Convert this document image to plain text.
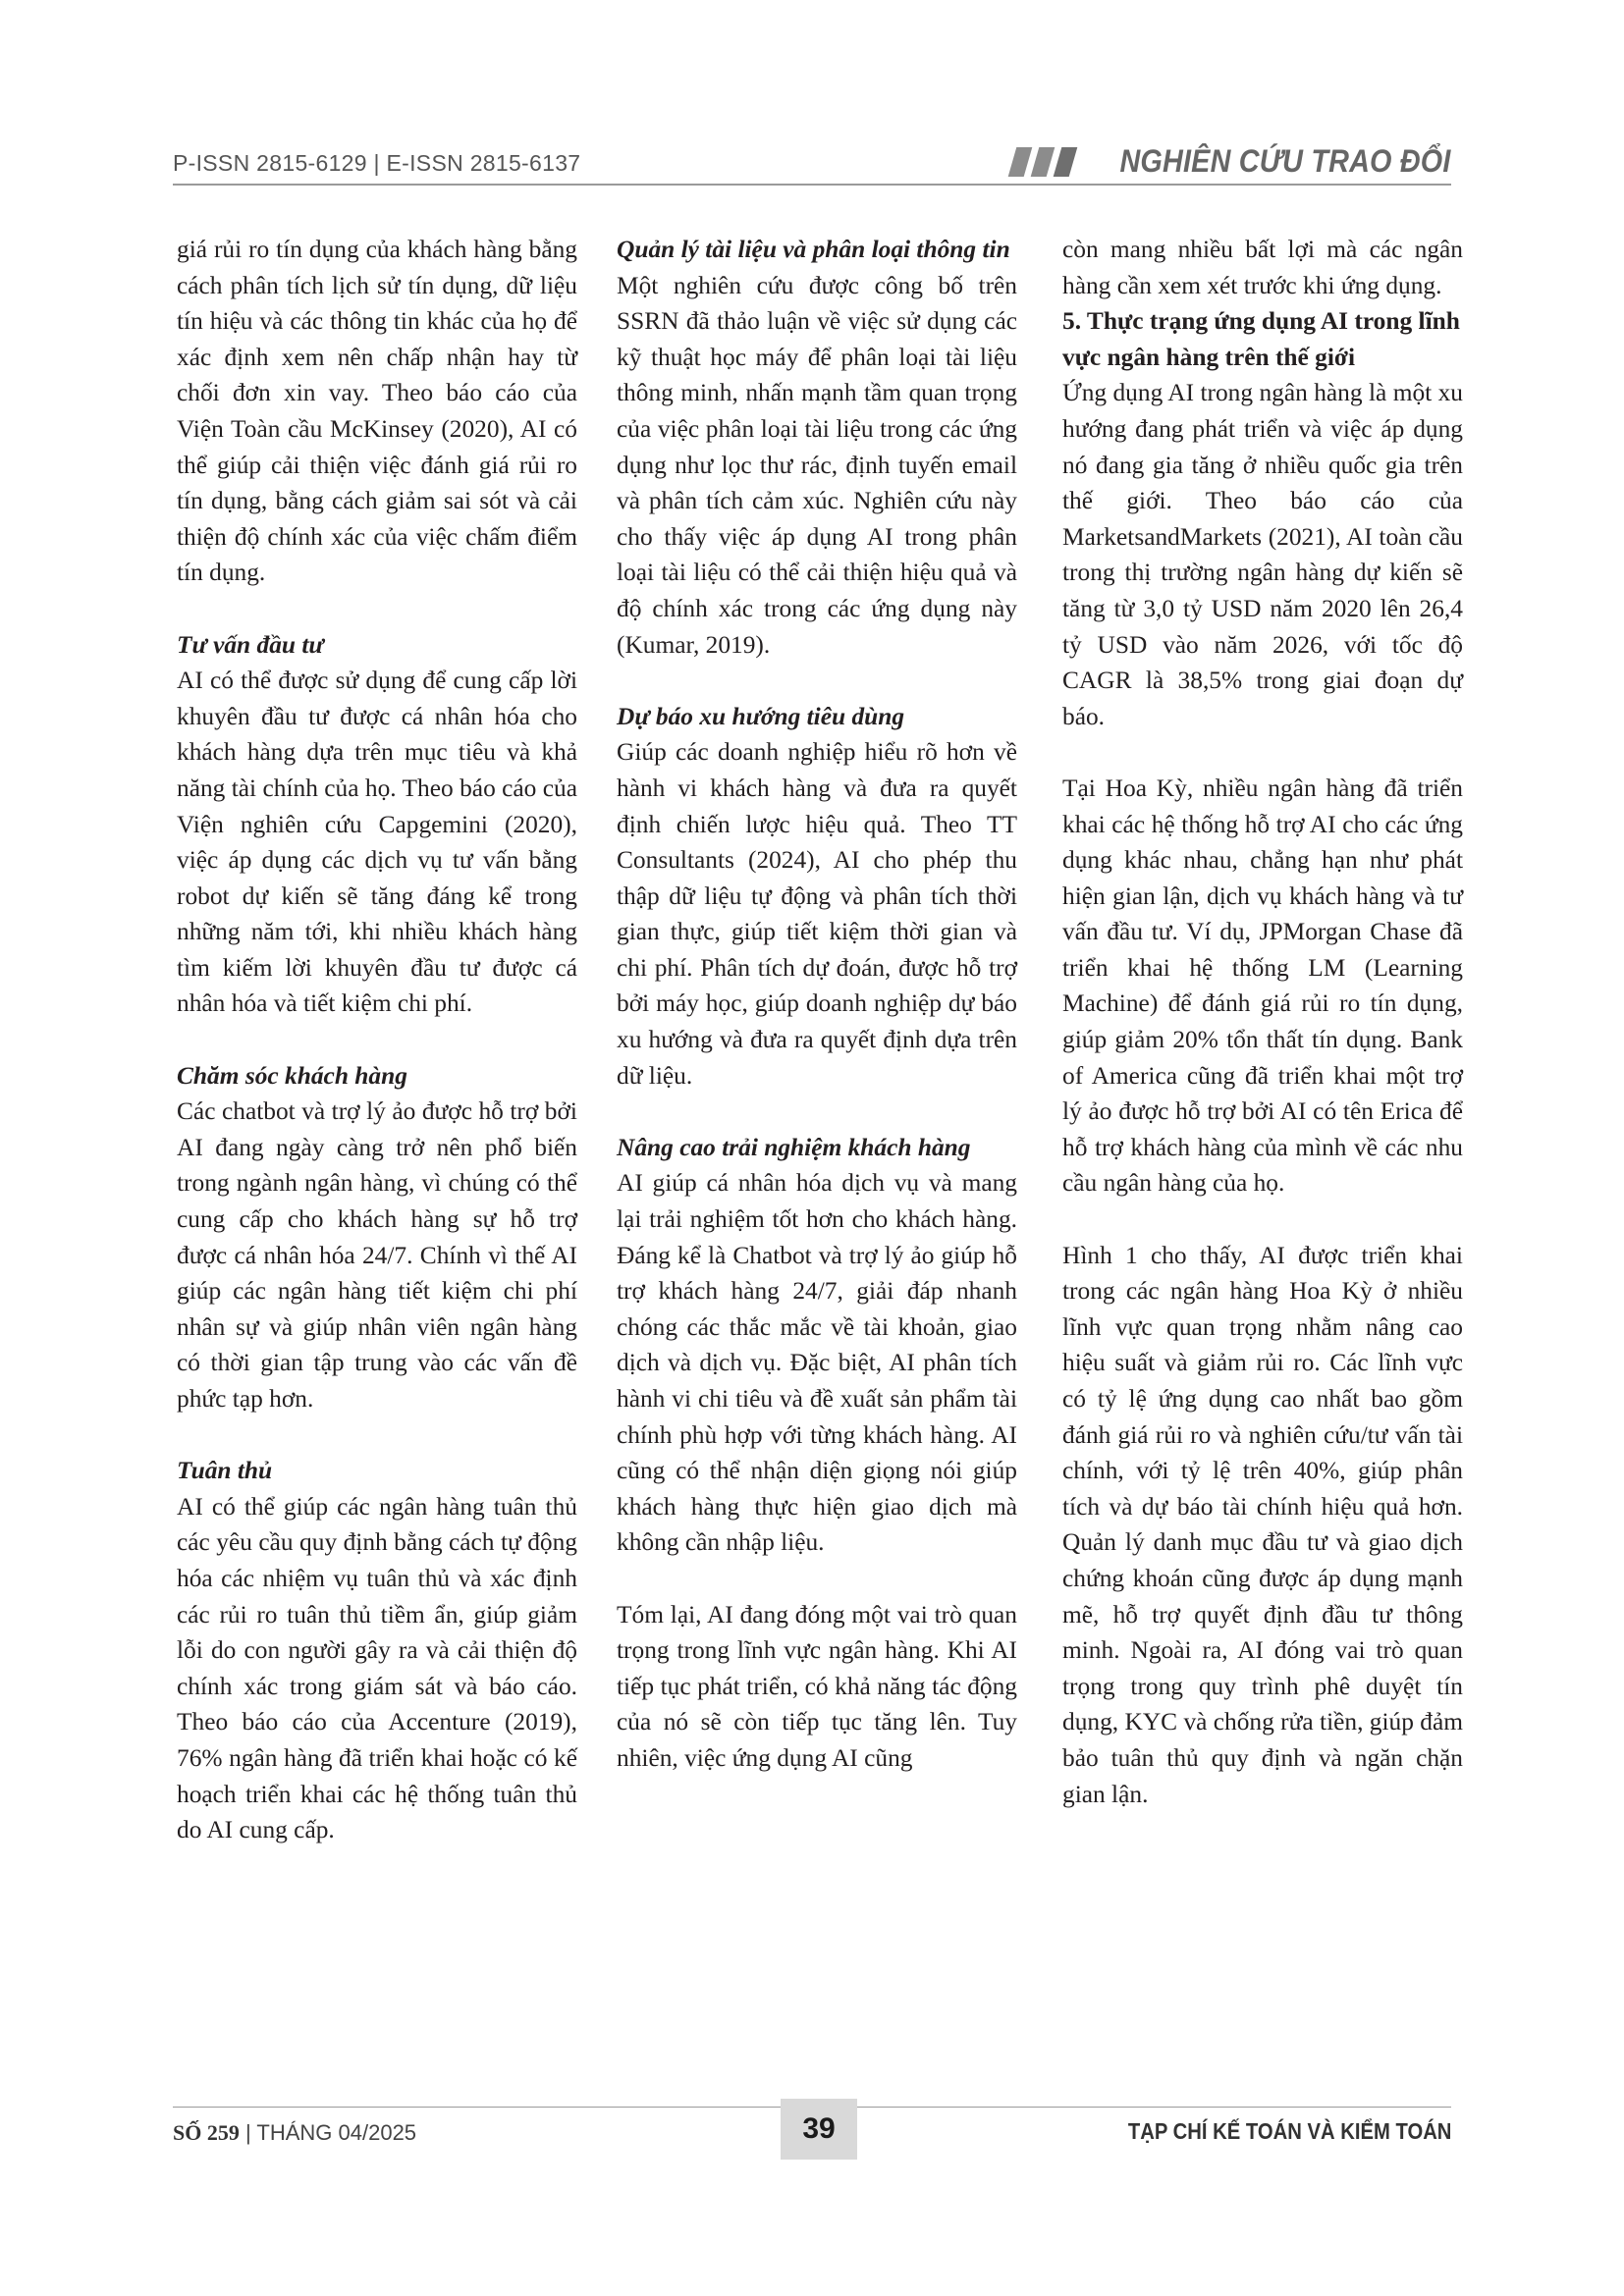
P-ISSN 2815-6129 | E-ISSN 2815-6137	NGHIÊN CỨU TRAO ĐỔI

giá rủi ro tín dụng của khách hàng bằng cách phân tích lịch sử tín dụng, dữ liệu tín hiệu và các thông tin khác của họ để xác định xem nên chấp nhận hay từ chối đơn xin vay. Theo báo cáo của Viện Toàn cầu McKinsey (2020), AI có thể giúp cải thiện việc đánh giá rủi ro tín dụng, bằng cách giảm sai sót và cải thiện độ chính xác của việc chấm điểm tín dụng.

Tư vấn đầu tư

AI có thể được sử dụng để cung cấp lời khuyên đầu tư được cá nhân hóa cho khách hàng dựa trên mục tiêu và khả năng tài chính của họ. Theo báo cáo của Viện nghiên cứu Capgemini (2020), việc áp dụng các dịch vụ tư vấn bằng robot dự kiến sẽ tăng đáng kể trong những năm tới, khi nhiều khách hàng tìm kiếm lời khuyên đầu tư được cá nhân hóa và tiết kiệm chi phí.

Chăm sóc khách hàng

Các chatbot và trợ lý ảo được hỗ trợ bởi AI đang ngày càng trở nên phổ biến trong ngành ngân hàng, vì chúng có thể cung cấp cho khách hàng sự hỗ trợ được cá nhân hóa 24/7. Chính vì thế AI giúp các ngân hàng tiết kiệm chi phí nhân sự và giúp nhân viên ngân hàng có thời gian tập trung vào các vấn đề phức tạp hơn.

Tuân thủ

AI có thể giúp các ngân hàng tuân thủ các yêu cầu quy định bằng cách tự động hóa các nhiệm vụ tuân thủ và xác định các rủi ro tuân thủ tiềm ẩn, giúp giảm lỗi do con người gây ra và cải thiện độ chính xác trong giám sát và báo cáo. Theo báo cáo của Accenture (2019), 76% ngân hàng đã triển khai hoặc có kế hoạch triển khai các hệ thống tuân thủ do AI cung cấp.

Quản lý tài liệu và phân loại thông tin

Một nghiên cứu được công bố trên SSRN đã thảo luận về việc sử dụng các kỹ thuật học máy để phân loại tài liệu thông minh, nhấn mạnh tầm quan trọng của việc phân loại tài liệu trong các ứng dụng như lọc thư rác, định tuyến email và phân tích cảm xúc. Nghiên cứu này cho thấy việc áp dụng AI trong phân loại tài liệu có thể cải thiện hiệu quả và độ chính xác trong các ứng dụng này (Kumar, 2019).

Dự báo xu hướng tiêu dùng

Giúp các doanh nghiệp hiểu rõ hơn về hành vi khách hàng và đưa ra quyết định chiến lược hiệu quả. Theo TT Consultants (2024), AI cho phép thu thập dữ liệu tự động và phân tích thời gian thực, giúp tiết kiệm thời gian và chi phí. Phân tích dự đoán, được hỗ trợ bởi máy học, giúp doanh nghiệp dự báo xu hướng và đưa ra quyết định dựa trên dữ liệu.

Nâng cao trải nghiệm khách hàng

AI giúp cá nhân hóa dịch vụ và mang lại trải nghiệm tốt hơn cho khách hàng. Đáng kể là Chatbot và trợ lý ảo giúp hỗ trợ khách hàng 24/7, giải đáp nhanh chóng các thắc mắc về tài khoản, giao dịch và dịch vụ. Đặc biệt, AI phân tích hành vi chi tiêu và đề xuất sản phẩm tài chính phù hợp với từng khách hàng. AI cũng có thể nhận diện giọng nói giúp khách hàng thực hiện giao dịch mà không cần nhập liệu.

Tóm lại, AI đang đóng một vai trò quan trọng trong lĩnh vực ngân hàng. Khi AI tiếp tục phát triển, có khả năng tác động của nó sẽ còn tiếp tục tăng lên. Tuy nhiên, việc ứng dụng AI cũng

còn mang nhiều bất lợi mà các ngân hàng cần xem xét trước khi ứng dụng.

5. Thực trạng ứng dụng AI trong lĩnh vực ngân hàng trên thế giới

Ứng dụng AI trong ngân hàng là một xu hướng đang phát triển và việc áp dụng nó đang gia tăng ở nhiều quốc gia trên thế giới. Theo báo cáo của MarketsandMarkets (2021), AI toàn cầu trong thị trường ngân hàng dự kiến sẽ tăng từ 3,0 tỷ USD năm 2020 lên 26,4 tỷ USD vào năm 2026, với tốc độ CAGR là 38,5% trong giai đoạn dự báo.

Tại Hoa Kỳ, nhiều ngân hàng đã triển khai các hệ thống hỗ trợ AI cho các ứng dụng khác nhau, chẳng hạn như phát hiện gian lận, dịch vụ khách hàng và tư vấn đầu tư. Ví dụ, JPMorgan Chase đã triển khai hệ thống LM (Learning Machine) để đánh giá rủi ro tín dụng, giúp giảm 20% tổn thất tín dụng. Bank of America cũng đã triển khai một trợ lý ảo được hỗ trợ bởi AI có tên Erica để hỗ trợ khách hàng của mình về các nhu cầu ngân hàng của họ.

Hình 1 cho thấy, AI được triển khai trong các ngân hàng Hoa Kỳ ở nhiều lĩnh vực quan trọng nhằm nâng cao hiệu suất và giảm rủi ro. Các lĩnh vực có tỷ lệ ứng dụng cao nhất bao gồm đánh giá rủi ro và nghiên cứu/tư vấn tài chính, với tỷ lệ trên 40%, giúp phân tích và dự báo tài chính hiệu quả hơn. Quản lý danh mục đầu tư và giao dịch chứng khoán cũng được áp dụng mạnh mẽ, hỗ trợ quyết định đầu tư thông minh. Ngoài ra, AI đóng vai trò quan trọng trong quy trình phê duyệt tín dụng, KYC và chống rửa tiền, giúp đảm bảo tuân thủ quy định và ngăn chặn gian lận.

SỐ 259 | THÁNG 04/2025	39	TẠP CHÍ KẾ TOÁN VÀ KIỂM TOÁN
